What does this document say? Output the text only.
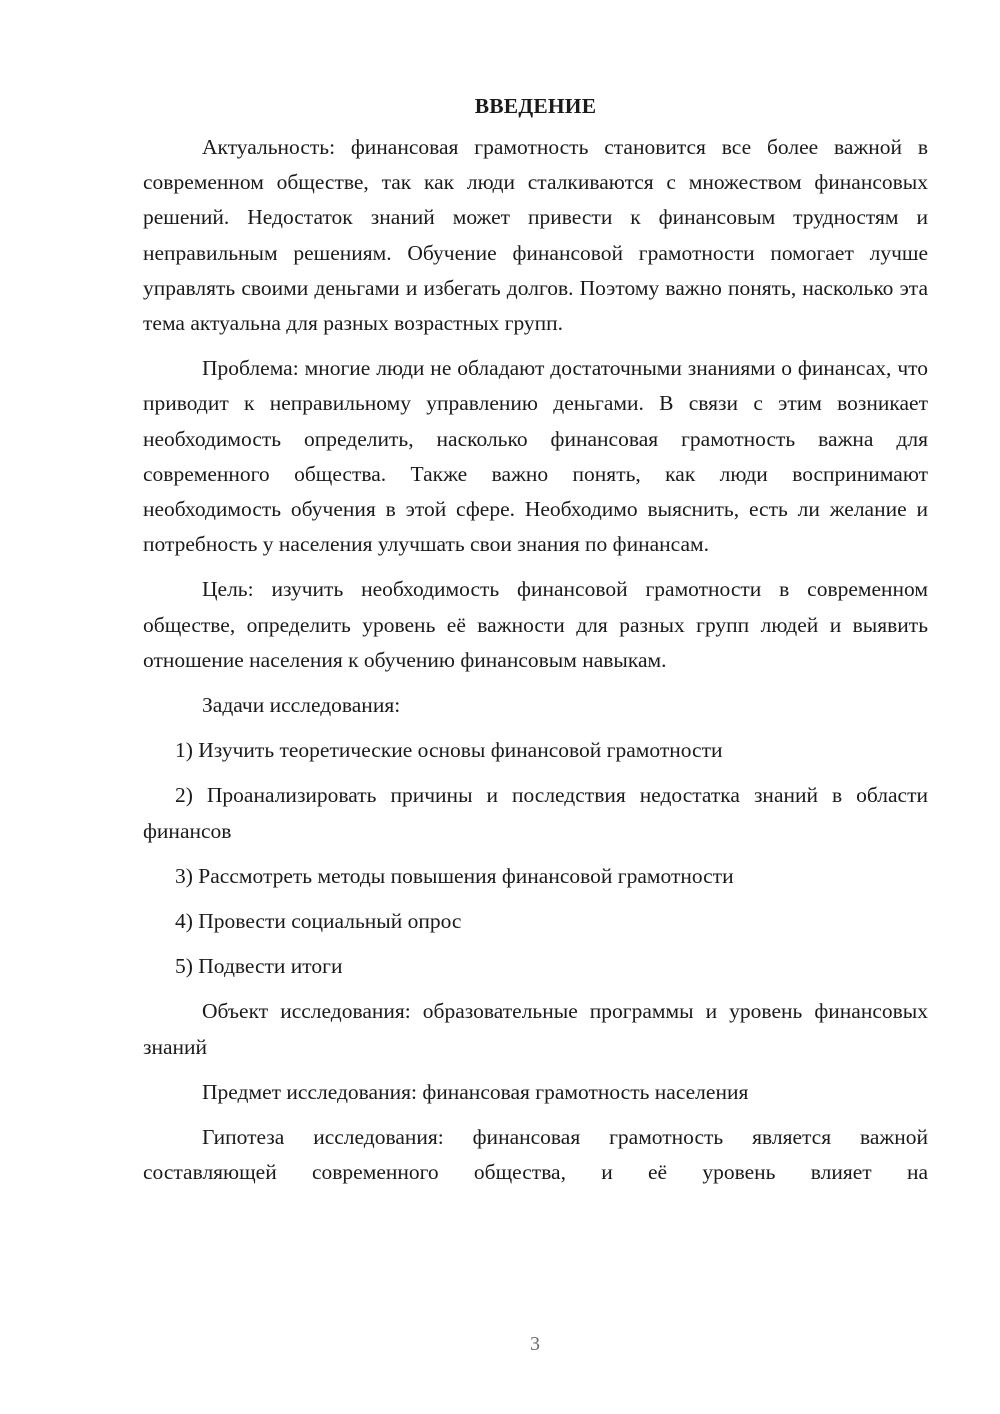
ВВЕДЕНИЕ

Актуальность: финансовая грамотность становится все более важной в современном обществе, так как люди сталкиваются с множеством финансовых решений. Недостаток знаний может привести к финансовым трудностям и неправильным решениям. Обучение финансовой грамотности помогает лучше управлять своими деньгами и избегать долгов. Поэтому важно понять, насколько эта тема актуальна для разных возрастных групп.

Проблема: многие люди не обладают достаточными знаниями о финансах, что приводит к неправильному управлению деньгами. В связи с этим возникает необходимость определить, насколько финансовая грамотность важна для современного общества. Также важно понять, как люди воспринимают необходимость обучения в этой сфере. Необходимо выяснить, есть ли желание и потребность у населения улучшать свои знания по финансам.

Цель: изучить необходимость финансовой грамотности в современном обществе, определить уровень её важности для разных групп людей и выявить отношение населения к обучению финансовым навыкам.

Задачи исследования:

1) Изучить теоретические основы финансовой грамотности

2) Проанализировать причины и последствия недостатка знаний в области финансов

3) Рассмотреть методы повышения финансовой грамотности

4) Провести социальный опрос

5) Подвести итоги

Объект исследования: образовательные программы и уровень финансовых знаний

Предмет исследования: финансовая грамотность населения

Гипотеза исследования: финансовая грамотность является важной составляющей современного общества, и её уровень влияет на

3
